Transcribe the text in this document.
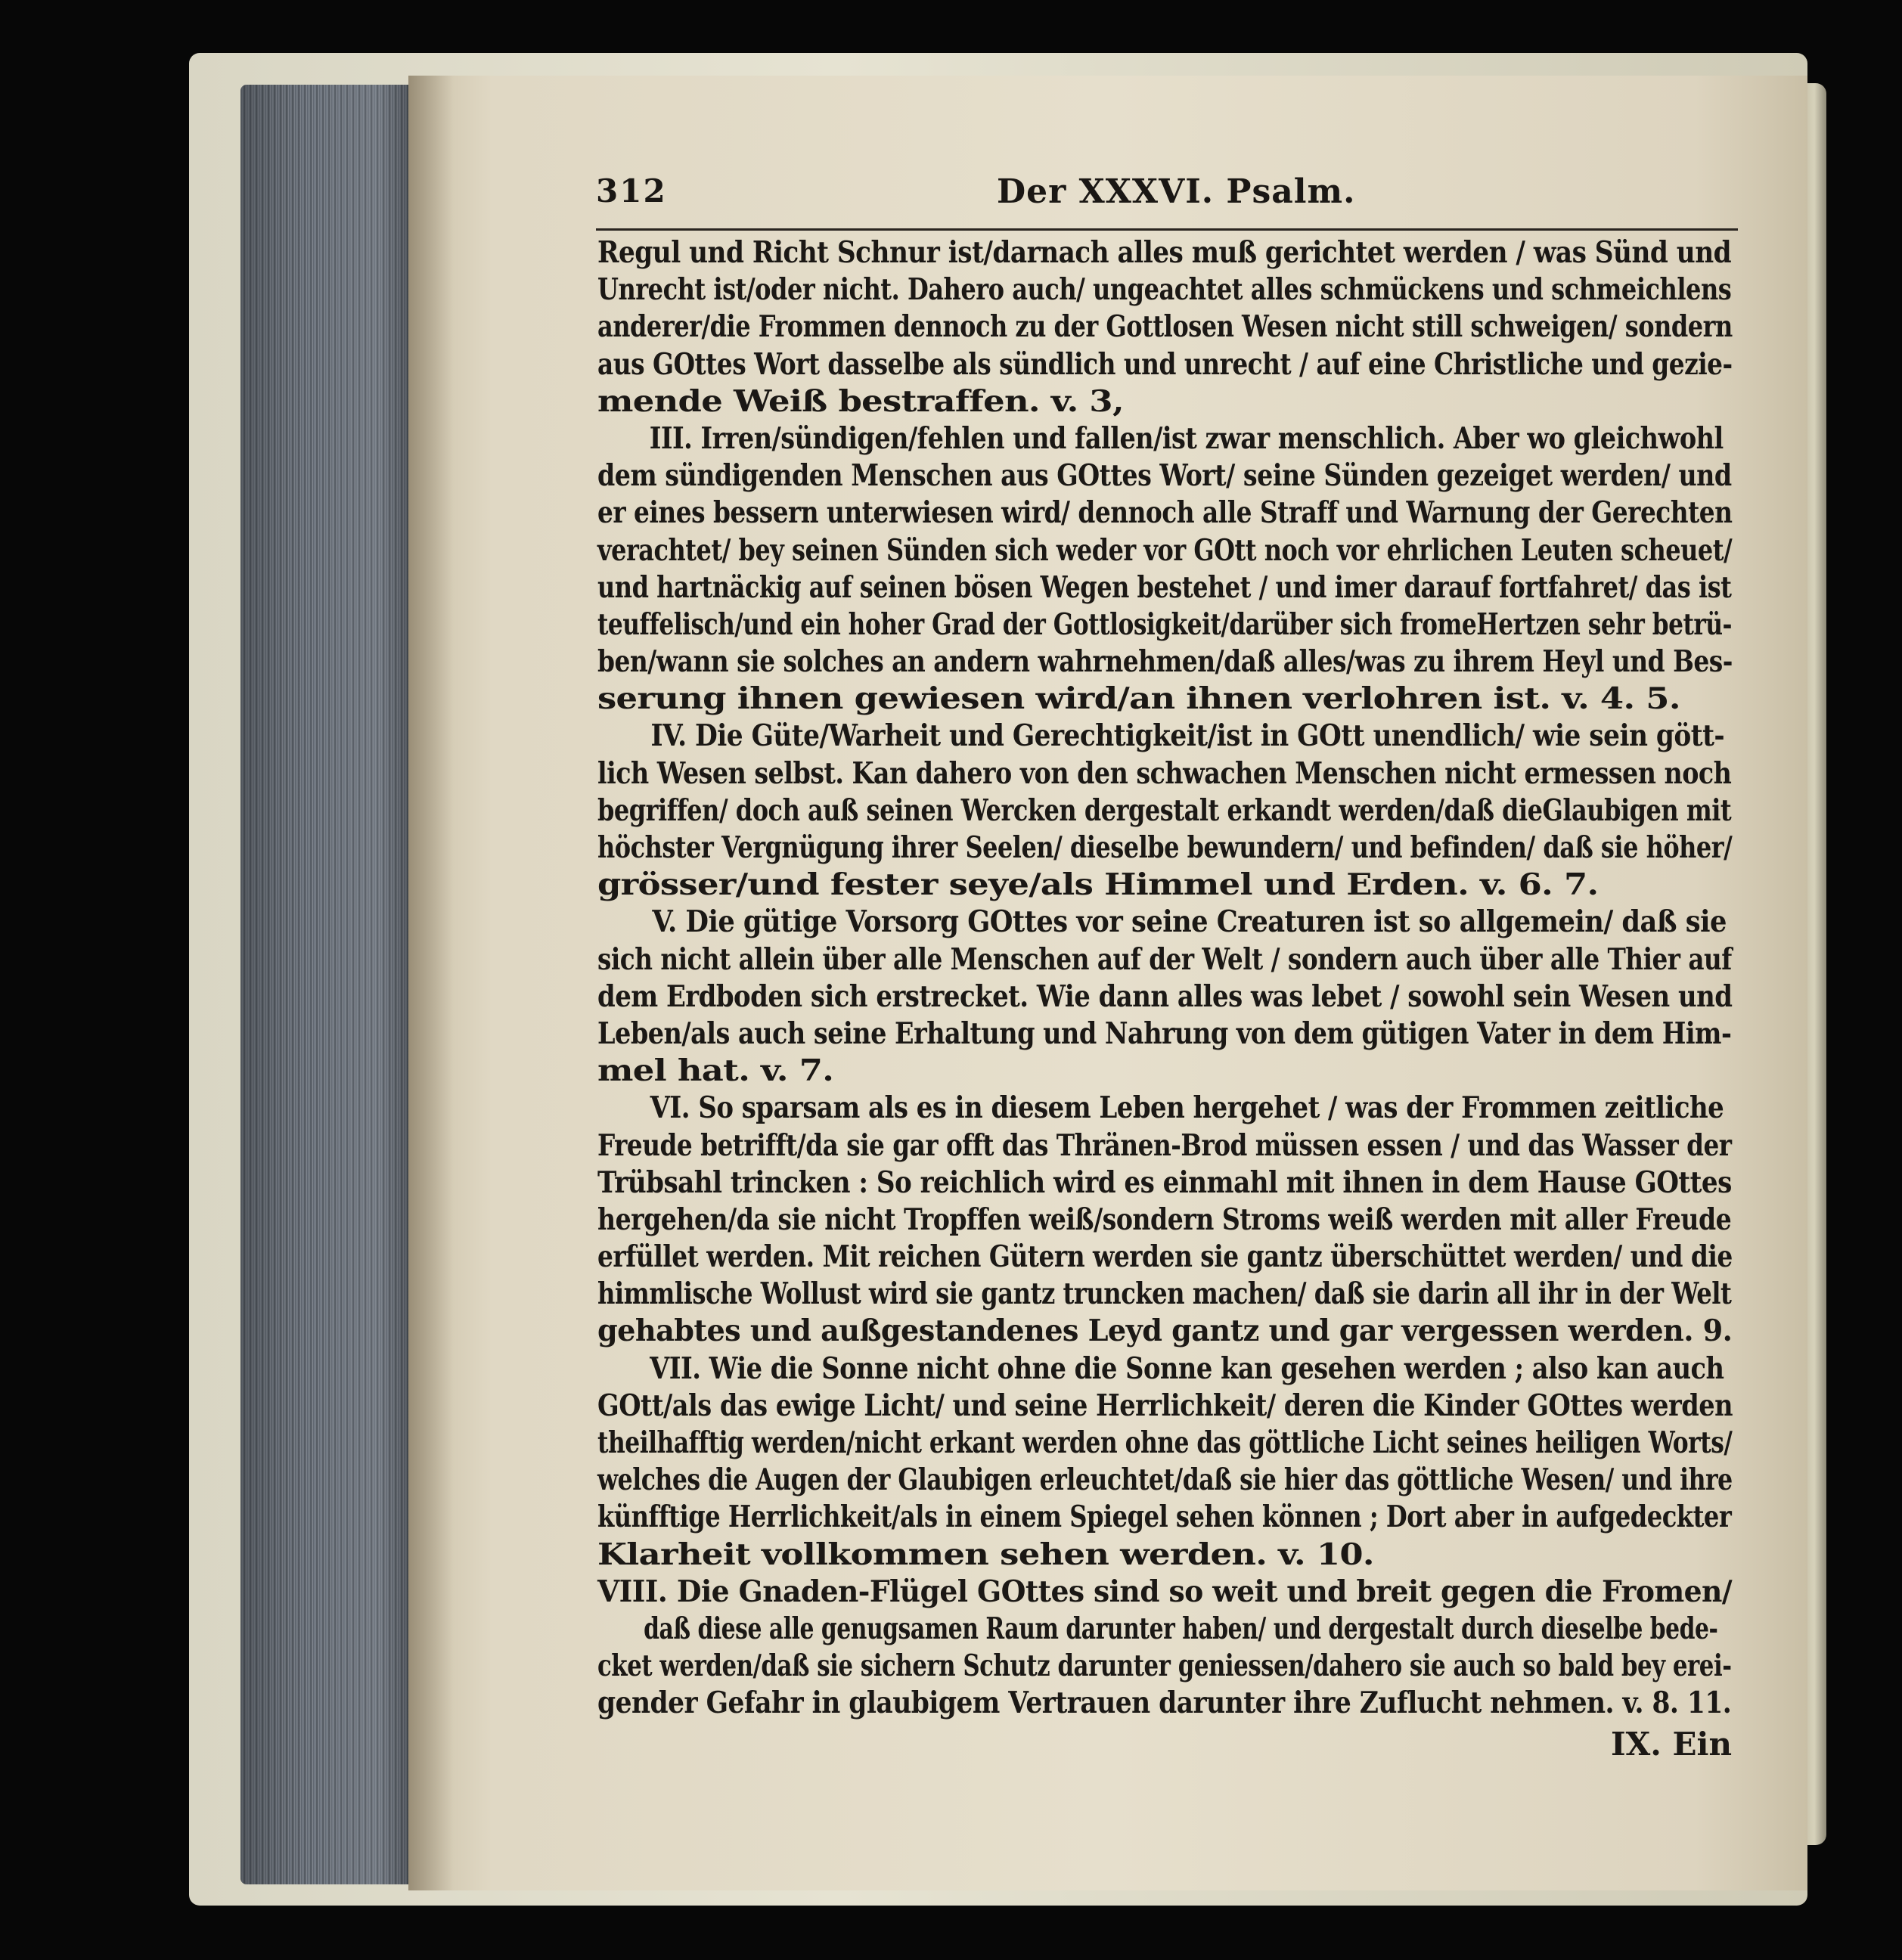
312	Der XXXVI. Psalm.
Regul und Richt Schnur ist/darnach alles muß gerichtet werden / was Sünd und
Unrecht ist/oder nicht. Dahero auch/ ungeachtet alles schmückens und schmeichlens
anderer/die Frommen dennoch zu der Gottlosen Wesen nicht still schweigen/ sondern
aus GOttes Wort dasselbe als sündlich und unrecht / auf eine Christliche und gezie-
mende Weiß bestraffen. v. 3,
III. Irren/sündigen/fehlen und fallen/ist zwar menschlich. Aber wo gleichwohl
dem sündigenden Menschen aus GOttes Wort/ seine Sünden gezeiget werden/ und
er eines bessern unterwiesen wird/ dennoch alle Straff und Warnung der Gerechten
verachtet/ bey seinen Sünden sich weder vor GOtt noch vor ehrlichen Leuten scheuet/
und hartnäckig auf seinen bösen Wegen bestehet / und imer darauf fortfahret/ das ist
teuffelisch/und ein hoher Grad der Gottlosigkeit/darüber sich fromeHertzen sehr betrü-
ben/wann sie solches an andern wahrnehmen/daß alles/was zu ihrem Heyl und Bes-
serung ihnen gewiesen wird/an ihnen verlohren ist. v. 4. 5.
IV. Die Güte/Warheit und Gerechtigkeit/ist in GOtt unendlich/ wie sein gött-
lich Wesen selbst. Kan dahero von den schwachen Menschen nicht ermessen noch
begriffen/ doch auß seinen Wercken dergestalt erkandt werden/daß dieGlaubigen mit
höchster Vergnügung ihrer Seelen/ dieselbe bewundern/ und befinden/ daß sie höher/
grösser/und fester seye/als Himmel und Erden. v. 6. 7.
V. Die gütige Vorsorg GOttes vor seine Creaturen ist so allgemein/ daß sie
sich nicht allein über alle Menschen auf der Welt / sondern auch über alle Thier auf
dem Erdboden sich erstrecket. Wie dann alles was lebet / sowohl sein Wesen und
Leben/als auch seine Erhaltung und Nahrung von dem gütigen Vater in dem Him-
mel hat. v. 7.
VI. So sparsam als es in diesem Leben hergehet / was der Frommen zeitliche
Freude betrifft/da sie gar offt das Thränen-Brod müssen essen / und das Wasser der
Trübsahl trincken : So reichlich wird es einmahl mit ihnen in dem Hause GOttes
hergehen/da sie nicht Tropffen weiß/sondern Stroms weiß werden mit aller Freude
erfüllet werden. Mit reichen Gütern werden sie gantz überschüttet werden/ und die
himmlische Wollust wird sie gantz truncken machen/ daß sie darin all ihr in der Welt
gehabtes und außgestandenes Leyd gantz und gar vergessen werden. 9.
VII. Wie die Sonne nicht ohne die Sonne kan gesehen werden ; also kan auch
GOtt/als das ewige Licht/ und seine Herrlichkeit/ deren die Kinder GOttes werden
theilhafftig werden/nicht erkant werden ohne das göttliche Licht seines heiligen Worts/
welches die Augen der Glaubigen erleuchtet/daß sie hier das göttliche Wesen/ und ihre
künfftige Herrlichkeit/als in einem Spiegel sehen können ; Dort aber in aufgedeckter
Klarheit vollkommen sehen werden. v. 10.
VIII. Die Gnaden-Flügel GOttes sind so weit und breit gegen die Fromen/
daß diese alle genugsamen Raum darunter haben/ und dergestalt durch dieselbe bede-
cket werden/daß sie sichern Schutz darunter geniessen/dahero sie auch so bald bey erei-
gender Gefahr in glaubigem Vertrauen darunter ihre Zuflucht nehmen. v. 8. 11.
IX. Ein
